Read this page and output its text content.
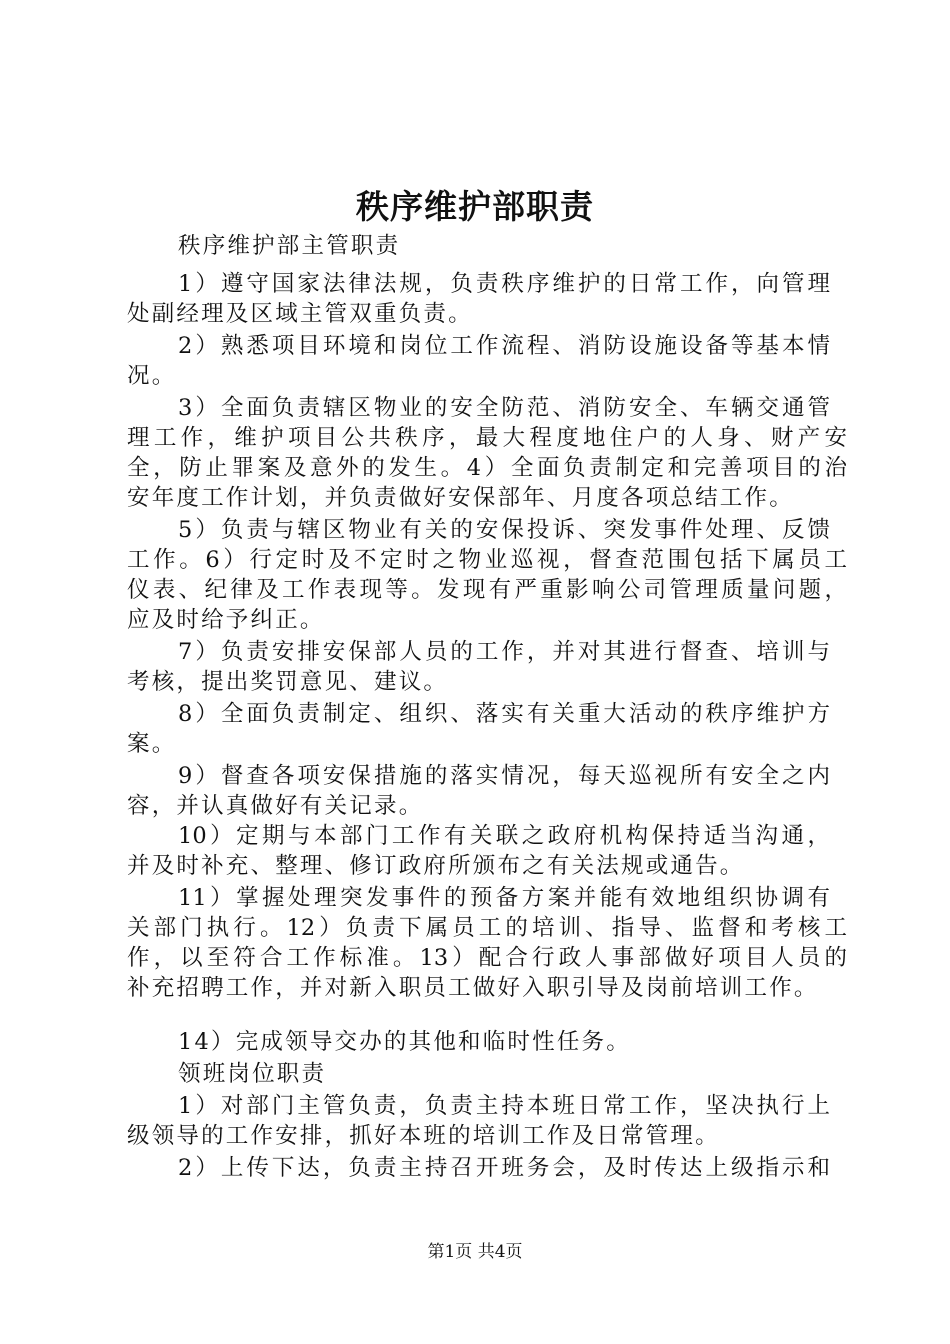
秩序维护部职责
秩序维护部主管职责
1）遵守国家法律法规，负责秩序维护的日常工作，向管理
处副经理及区域主管双重负责。
2）熟悉项目环境和岗位工作流程、消防设施设备等基本情
况。
3）全面负责辖区物业的安全防范、消防安全、车辆交通管
理工作，维护项目公共秩序，最大程度地住户的人身、财产安
全，防止罪案及意外的发生。4）全面负责制定和完善项目的治
安年度工作计划，并负责做好安保部年、月度各项总结工作。
5）负责与辖区物业有关的安保投诉、突发事件处理、反馈
工作。6）行定时及不定时之物业巡视，督查范围包括下属员工
仪表、纪律及工作表现等。发现有严重影响公司管理质量问题，
应及时给予纠正。
7）负责安排安保部人员的工作，并对其进行督查、培训与
考核，提出奖罚意见、建议。
8）全面负责制定、组织、落实有关重大活动的秩序维护方
案。
9）督查各项安保措施的落实情况，每天巡视所有安全之内
容，并认真做好有关记录。
10）定期与本部门工作有关联之政府机构保持适当沟通，
并及时补充、整理、修订政府所颁布之有关法规或通告。
11）掌握处理突发事件的预备方案并能有效地组织协调有
关部门执行。12）负责下属员工的培训、指导、监督和考核工
作，以至符合工作标准。13）配合行政人事部做好项目人员的
补充招聘工作，并对新入职员工做好入职引导及岗前培训工作。
14）完成领导交办的其他和临时性任务。
领班岗位职责
1）对部门主管负责，负责主持本班日常工作，坚决执行上
级领导的工作安排，抓好本班的培训工作及日常管理。
2）上传下达，负责主持召开班务会，及时传达上级指示和
第1页 共4页
